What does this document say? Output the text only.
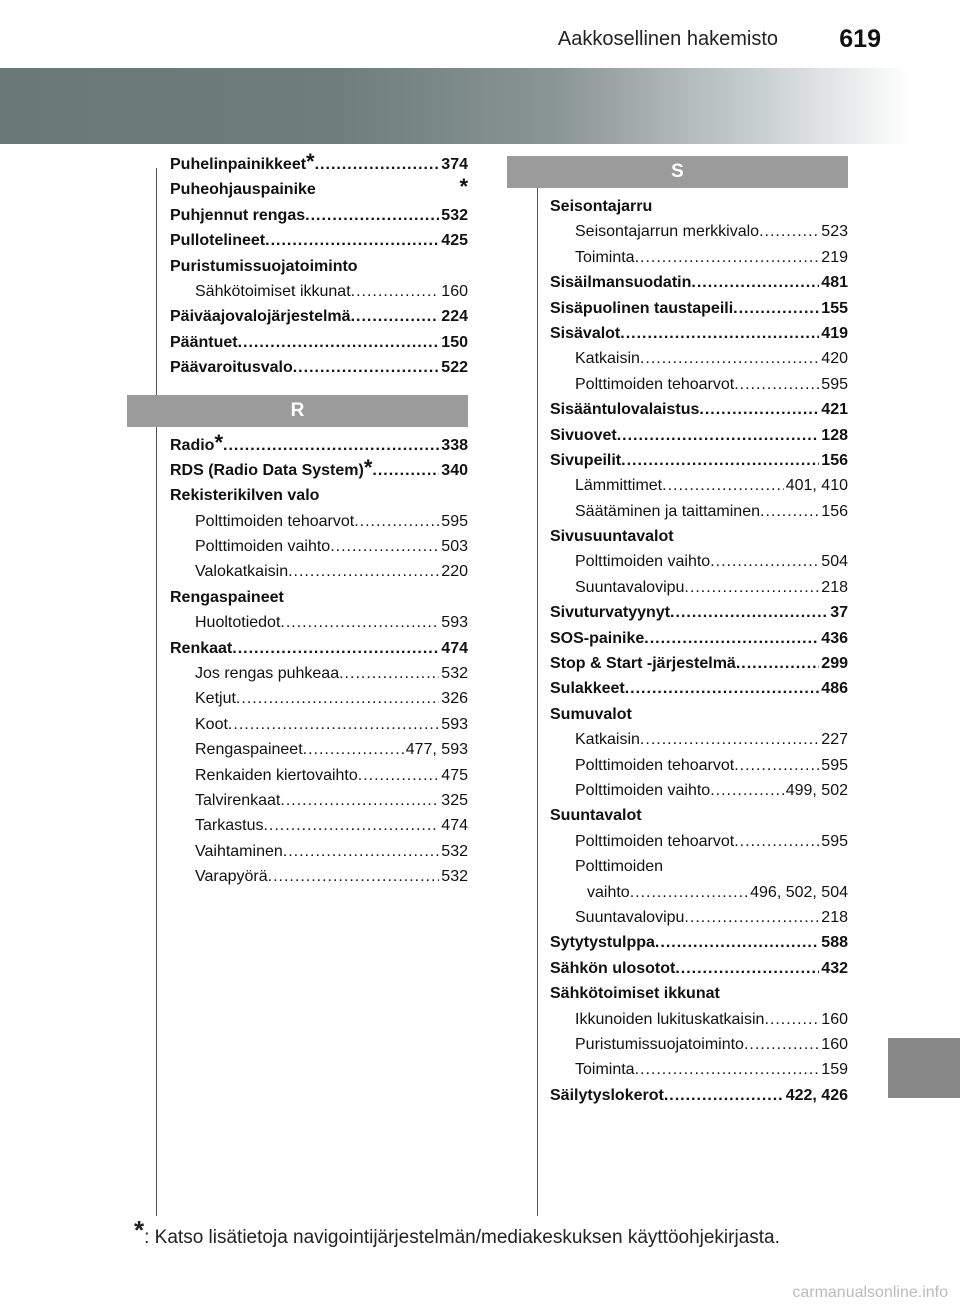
Aakkosellinen hakemisto 619
Puhelinpainikkeet * .....	374
Puheohjauspainike	*
Puhjennut rengas .....	532
Pullotelineet .....	425
Puristumissuojatoiminto
Sähkötoimiset ikkunat .....	160
Päiväajovalojärjestelmä .....	224
Pääntuet .....	150
Päävaroitusvalo .....	522
R
Radio * .....	338
RDS (Radio Data System) * .....	340
Rekisterikilven valo
Polttimoiden tehoarvot .....	595
Polttimoiden vaihto .....	503
Valokatkaisin .....	220
Rengaspaineet
Huoltotiedot .....	593
Renkaat .....	474
Jos rengas puhkeaa .....	532
Ketjut .....	326
Koot .....	593
Rengaspaineet .....	477, 593
Renkaiden kiertovaihto .....	475
Talvirenkaat .....	325
Tarkastus .....	474
Vaihtaminen .....	532
Varapyörä .....	532
S
Seisontajarru
Seisontajarrun merkkivalo .....	523
Toiminta .....	219
Sisäilmansuodatin .....	481
Sisäpuolinen taustapeili .....	155
Sisävalot .....	419
Katkaisin .....	420
Polttimoiden tehoarvot .....	595
Sisääntulovalaistus .....	421
Sivuovet .....	128
Sivupeilit .....	156
Lämmittimet .....	401, 410
Säätäminen ja taittaminen .....	156
Sivusuuntavalot
Polttimoiden vaihto .....	504
Suuntavalovipu .....	218
Sivuturvatyynyt .....	37
SOS-painike .....	436
Stop & Start -järjestelmä .....	299
Sulakkeet .....	486
Sumuvalot
Katkaisin .....	227
Polttimoiden tehoarvot .....	595
Polttimoiden vaihto .....	499, 502
Suuntavalot
Polttimoiden tehoarvot .....	595
Polttimoiden
vaihto .....	496, 502, 504
Suuntavalovipu .....	218
Sytytystulppa .....	588
Sähkön ulosotot .....	432
Sähkötoimiset ikkunat
Ikkunoiden lukituskatkaisin .....	160
Puristumissuojatoiminto .....	160
Toiminta .....	159
Säilytyslokerot .....	422, 426
*: Katso lisätietoja navigointijärjestelmän/mediakeskuksen käyttöohjekirjasta.
carmanualsonline.info
